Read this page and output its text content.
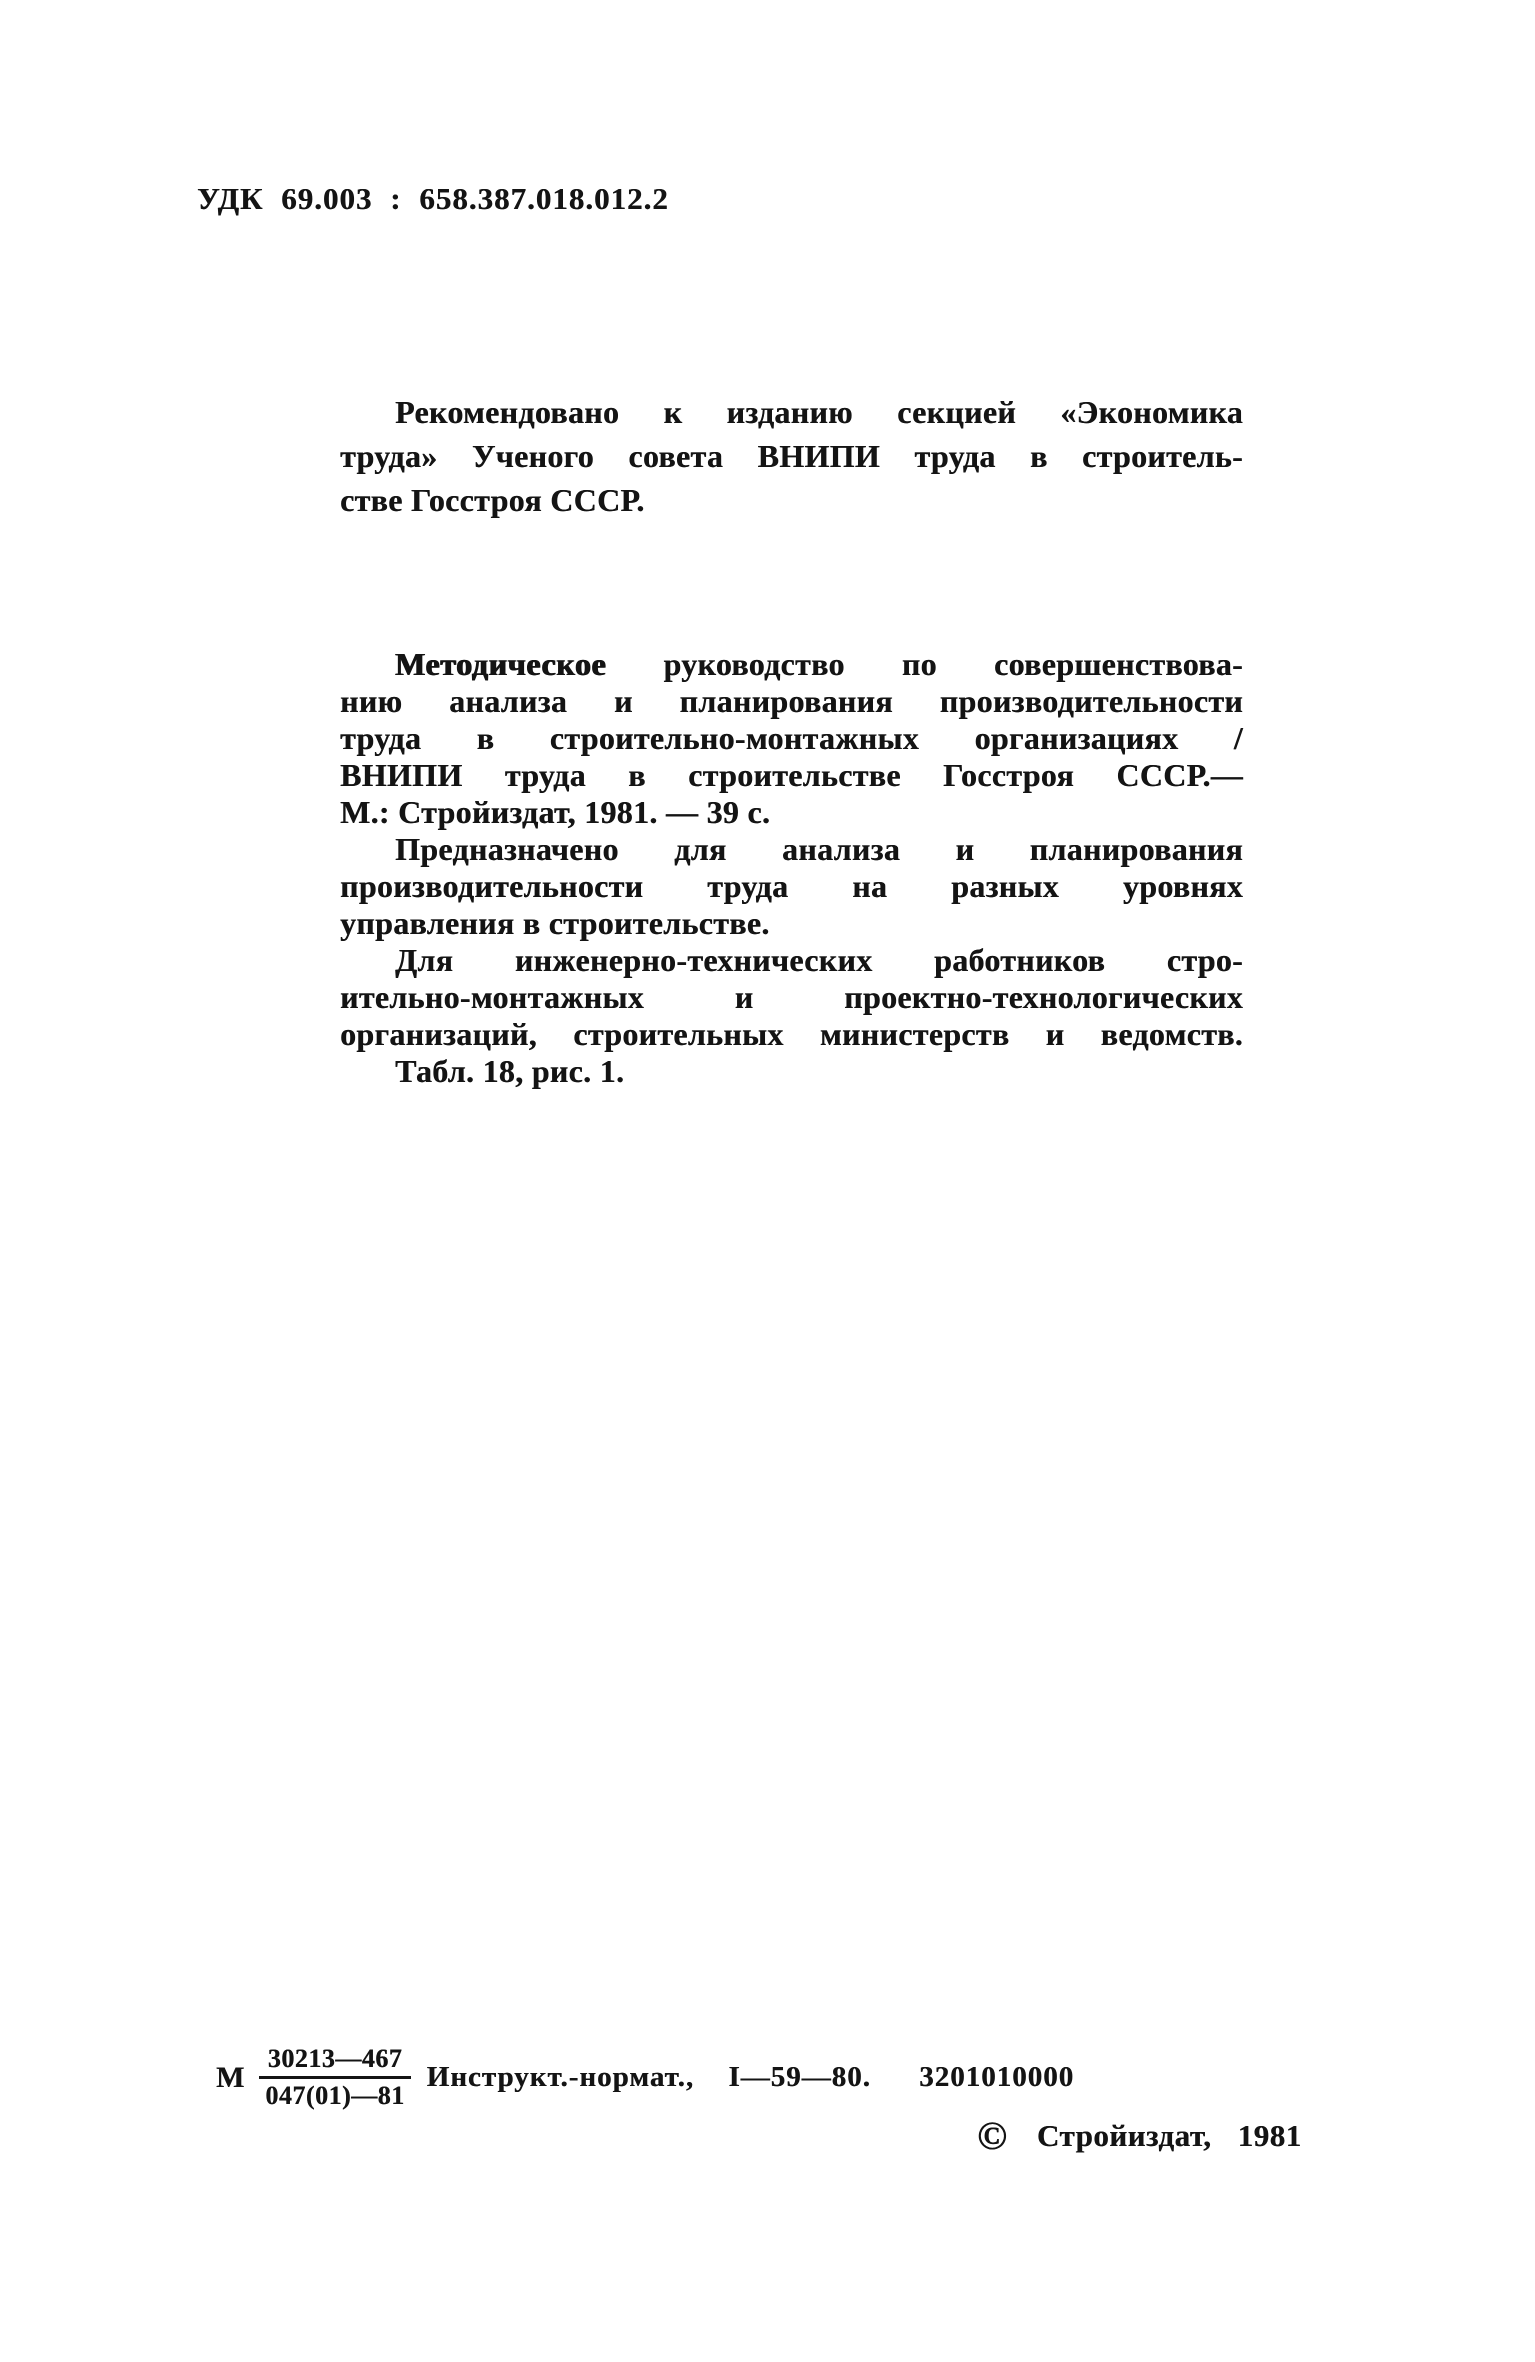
УДК 69.003 : 658.387.018.012.2
Рекомендовано к изданию секцией «Экономика
труда» Ученого совета ВНИПИ труда в строитель-
стве Госстроя СССР.
Методическое руководство по совершенствова-
нию анализа и планирования производительности
труда в строительно-монтажных организациях /
ВНИПИ труда в строительстве Госстроя СССР.—
М.: Стройиздат, 1981. — 39 с.
Предназначено для анализа и планирования
производительности труда на разных уровнях
управления в строительстве.
Для инженерно-технических работников стро-
ительно-монтажных и проектно-технологических
организаций, строительных министерств и ведомств.
Табл. 18, рис. 1.
М $\frac{30213—467}{047(01)—81}$ Инструкт.-нормат., I—59—80. 3201010000
© Стройиздат, 1981
